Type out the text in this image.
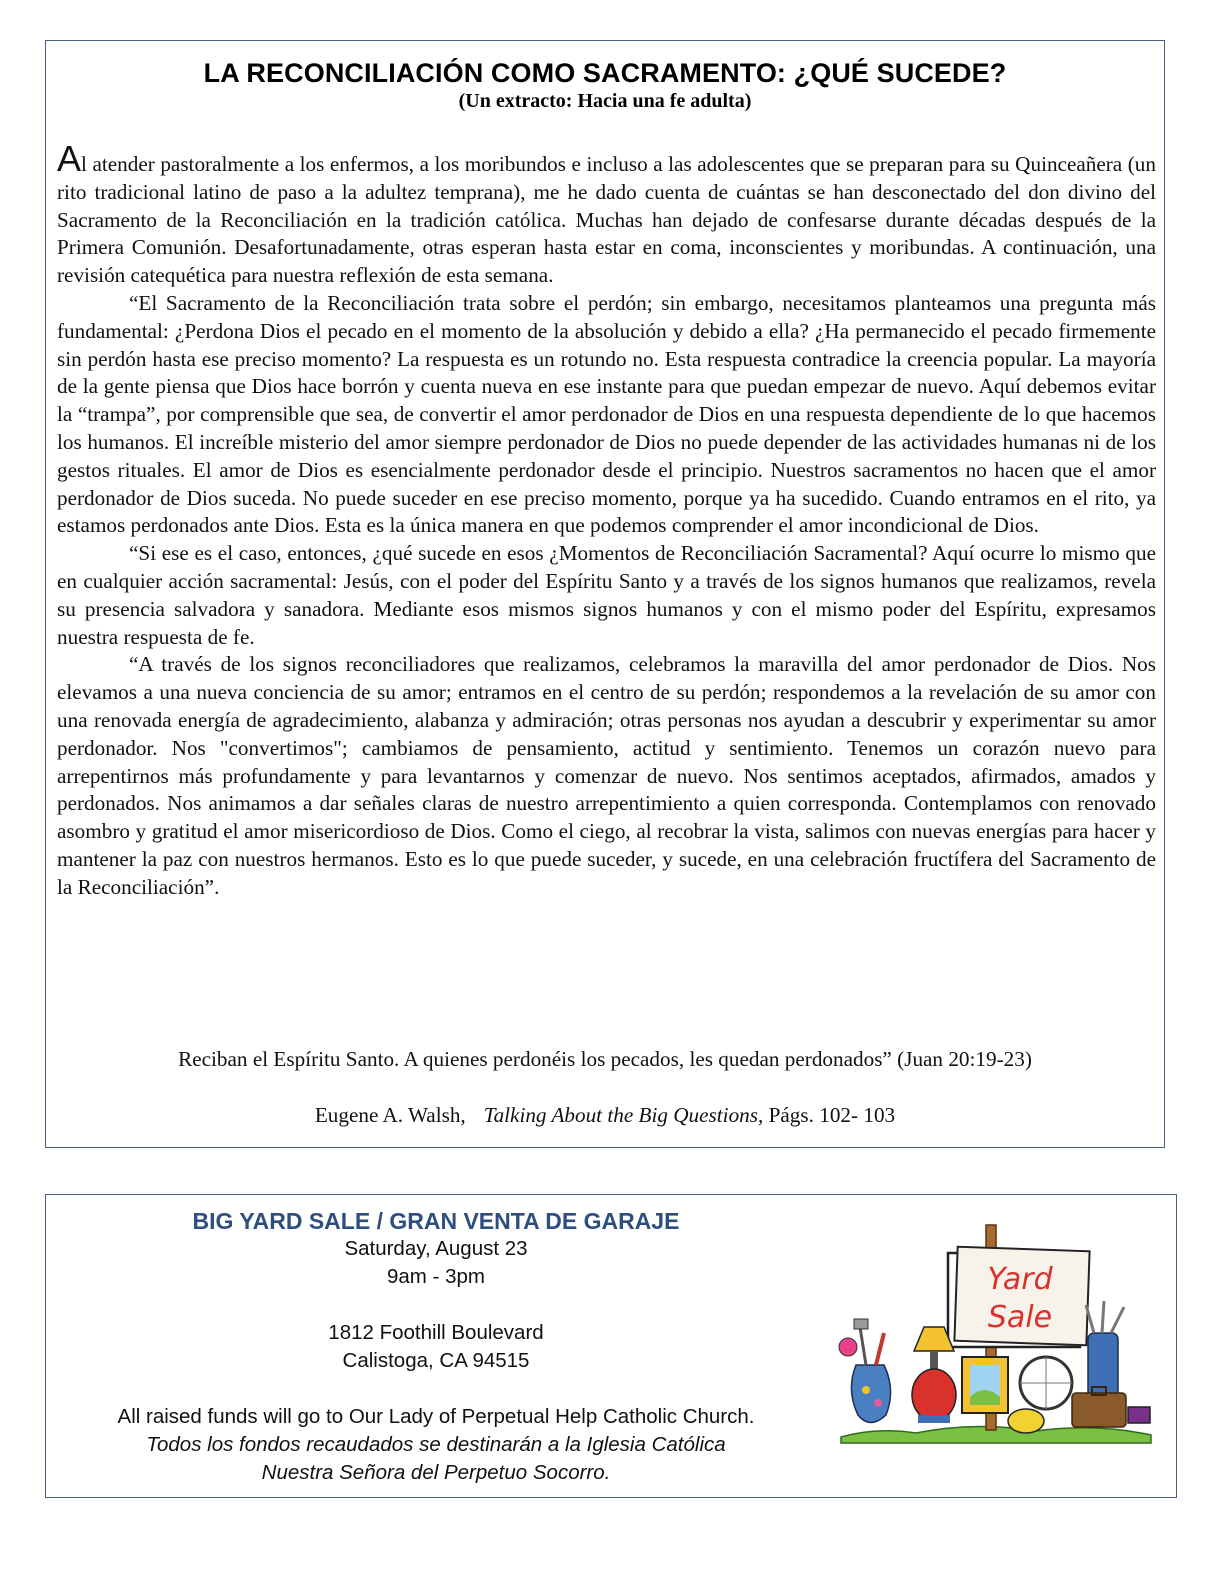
LA RECONCILIACIÓN COMO SACRAMENTO: ¿QUÉ SUCEDE?
(Un extracto: Hacia una fe adulta)

Al atender pastoralmente a los enfermos, a los moribundos e incluso a las adolescentes que se preparan para su Quinceañera (un rito tradicional latino de paso a la adultez temprana), me he dado cuenta de cuántas se han desconectado del don divino del Sacramento de la Reconciliación en la tradición católica. Muchas han dejado de confesarse durante décadas después de la Primera Comunión. Desafortunadamente, otras esperan hasta estar en coma, inconscientes y moribundas. A continuación, una revisión catequética para nuestra reflexión de esta semana.

“El Sacramento de la Reconciliación trata sobre el perdón; sin embargo, necesitamos planteamos una pregunta más fundamental: ¿Perdona Dios el pecado en el momento de la absolución y debido a ella? ¿Ha permanecido el pecado firmemente sin perdón hasta ese preciso momento? La respuesta es un rotundo no. Esta respuesta contradice la creencia popular. La mayoría de la gente piensa que Dios hace borrón y cuenta nueva en ese instante para que puedan empezar de nuevo. Aquí debemos evitar la “trampa”, por comprensible que sea, de convertir el amor perdonador de Dios en una respuesta dependiente de lo que hacemos los humanos. El increíble misterio del amor siempre perdonador de Dios no puede depender de las actividades humanas ni de los gestos rituales. El amor de Dios es esencialmente perdonador desde el principio. Nuestros sacramentos no hacen que el amor perdonador de Dios suceda. No puede suceder en ese preciso momento, porque ya ha sucedido. Cuando entramos en el rito, ya estamos perdonados ante Dios. Esta es la única manera en que podemos comprender el amor incondicional de Dios.

“Si ese es el caso, entonces, ¿qué sucede en esos ¿Momentos de Reconciliación Sacramental? Aquí ocurre lo mismo que en cualquier acción sacramental: Jesús, con el poder del Espíritu Santo y a través de los signos humanos que realizamos, revela su presencia salvadora y sanadora. Mediante esos mismos signos humanos y con el mismo poder del Espíritu, expresamos nuestra respuesta de fe.

“A través de los signos reconciliadores que realizamos, celebramos la maravilla del amor perdonador de Dios. Nos elevamos a una nueva conciencia de su amor; entramos en el centro de su perdón; respondemos a la revelación de su amor con una renovada energía de agradecimiento, alabanza y admiración; otras personas nos ayudan a descubrir y experimentar su amor perdonador. Nos "convertimos"; cambiamos de pensamiento, actitud y sentimiento. Tenemos un corazón nuevo para arrepentirnos más profundamente y para levantarnos y comenzar de nuevo. Nos sentimos aceptados, afirmados, amados y perdonados. Nos animamos a dar señales claras de nuestro arrepentimiento a quien corresponda. Contemplamos con renovado asombro y gratitud el amor misericordioso de Dios. Como el ciego, al recobrar la vista, salimos con nuevas energías para hacer y mantener la paz con nuestros hermanos. Esto es lo que puede suceder, y sucede, en una celebración fructífera del Sacramento de la Reconciliación”.

Reciban el Espíritu Santo. A quienes perdonéis los pecados, les quedan perdonados” (Juan 20:19-23)
Eugene A. Walsh, Talking About the Big Questions, Págs. 102- 103
BIG YARD SALE / GRAN VENTA DE GARAJE
Saturday, August 23
9am - 3pm
1812 Foothill Boulevard
Calistoga, CA 94515
All raised funds will go to Our Lady of Perpetual Help Catholic Church.
Todos los fondos recaudados se destinarán a la Iglesia Católica
Nuestra Señora del Perpetuo Socorro.
Yard
Sale
